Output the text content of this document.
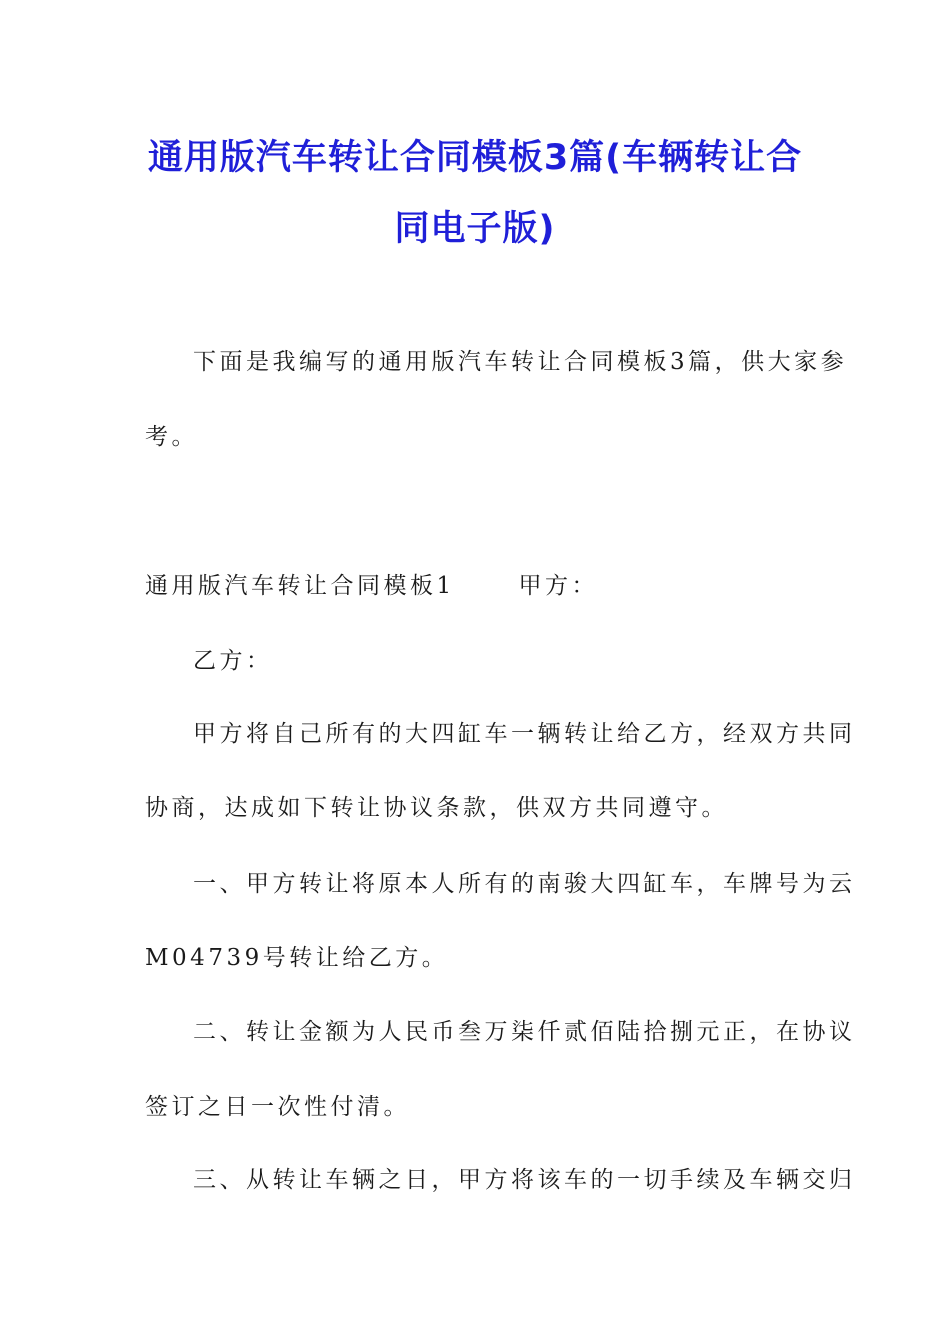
通用版汽车转让合同模板3篇(车辆转让合
同电子版)
下面是我编写的通用版汽车转让合同模板3篇，供大家参
考。
通用版汽车转让合同模板1　　 甲方：
乙方：
甲方将自己所有的大四缸车一辆转让给乙方，经双方共同
协商，达成如下转让协议条款，供双方共同遵守。
一、甲方转让将原本人所有的南骏大四缸车，车牌号为云
M04739号转让给乙方。
二、转让金额为人民币叁万柒仟贰佰陆拾捌元正，在协议
签订之日一次性付清。
三、从转让车辆之日，甲方将该车的一切手续及车辆交归
